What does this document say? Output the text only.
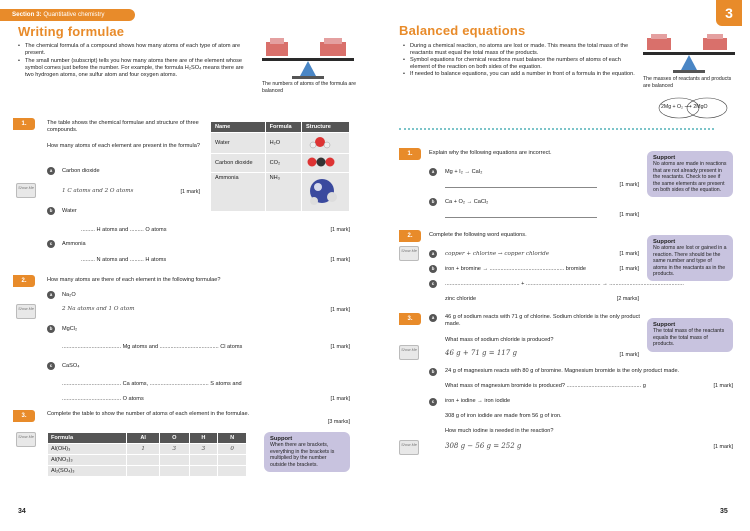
Section 3: Quantitative chemistry
Writing formulae
• The chemical formula of a compound shows how many atoms of each type of atom are present.
• The small number (subscript) tells you how many atoms there are of the element whose symbol comes just before the number. For example, the formula H₂SO₄ means there are two hydrogen atoms, one sulfur atom and four oxygen atoms.
The numbers of atoms of the formula are balanced
1.	The table shows the chemical formulae and structure of three compounds.
How many atoms of each element are present in the formula?
a	Carbon dioxide
Show Me	1 C atoms and 2 O atoms	[1 mark]
b	Water
......... H atoms and ......... O atoms	[1 mark]
c	Ammonia
......... N atoms and ......... H atoms	[1 mark]
Name	Formula	Structure
Water	H₂O	
Carbon dioxide	CO₂	
Ammonia	NH₃	
2.	How many atoms are there of each element in the following formulae?
a	Na₂O
Show Me	2 Na atoms and 1 O atom	[1 mark]
b	MgCl₂
...................................... Mg atoms and ...................................... Cl atoms	[1 mark]
c	CaSO₄
...................................... Ca atoms, ...................................... S atoms and
...................................... O atoms	[1 mark]
3.	Complete the table to show the number of atoms of each element in the formulae.
[3 marks]
Show Me	Formula	Al	O	H	N
Al(OH)₃	1	3	3	0
Al(NO₃)₃				
Al₂(SO₄)₃				
Support
When there are brackets, everything in the brackets is multiplied by the number outside the brackets.
34
3
Balanced equations
• During a chemical reaction, no atoms are lost or made. This means the total mass of the reactants must equal the total mass of the products.
• Symbol equations for chemical reactions must balance the numbers of atoms of each element of the reaction on both sides of the equation.
• If needed to balance equations, you can add a number in front of a formula in the equation.
The masses of reactants and products are balanced
2Mg + O₂ ⟶ 2MgO
1.	Explain why the following equations are incorrect.
a	Mg + I₂ → CaI₂
[1 mark]
b	Ca + O₂ → CaCl₂
[1 mark]
Support
No atoms are made in reactions that are not already present in the reactants. Check to see if the same elements are present on both sides of the equation.
2.	Complete the following word equations.
Show Me	a	copper + chlorine → copper chloride	[1 mark]
b	iron + bromine → ................................................ bromide	[1 mark]
c	................................................ + ................................................ → ................................................
zinc chloride	[2 marks]
Support
No atoms are lost or gained in a reaction. There should be the same number and type of atoms in the reactants as in the products.
3.	a	46 g of sodium reacts with 71 g of chlorine. Sodium chloride is the only product made.
What mass of sodium chloride is produced?
Show Me	46 g + 71 g = 117 g	[1 mark]
b	24 g of magnesium reacts with 80 g of bromine. Magnesium bromide is the only product made.
What mass of magnesium bromide is produced? ................................................ g	[1 mark]
c	iron + iodine → iron iodide
308 g of iron iodide are made from 56 g of iron.
How much iodine is needed in the reaction?
Show Me	308 g − 56 g = 252 g	[1 mark]
Support
The total mass of the reactants equals the total mass of products.
35
